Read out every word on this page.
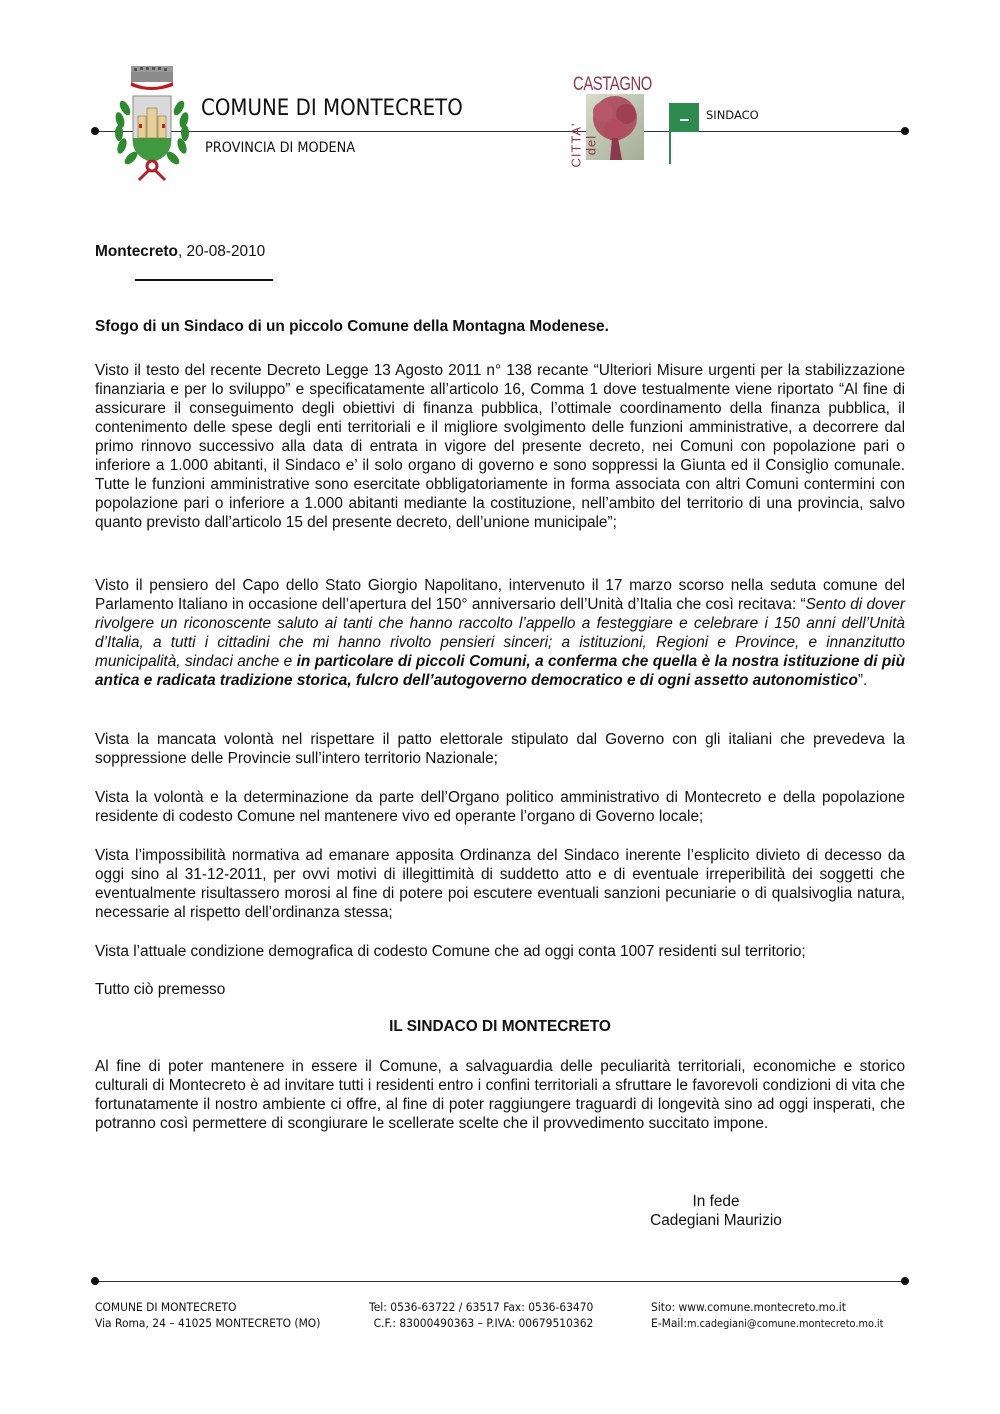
COMUNE DI MONTECRETO
PROVINCIA DI MODENA
CASTAGNO
CITTA' del
SINDACO
Montecreto, 20-08-2010
Sfogo di un Sindaco di un piccolo Comune della Montagna Modenese.
Visto il testo del recente Decreto Legge 13 Agosto 2011 n° 138 recante “Ulteriori Misure urgenti per la stabilizzazione finanziaria e per lo sviluppo” e specificatamente all’articolo 16, Comma 1 dove testualmente viene riportato “Al fine di assicurare il conseguimento degli obiettivi di finanza pubblica, l’ottimale coordinamento della finanza pubblica, il contenimento delle spese degli enti territoriali e il migliore svolgimento delle funzioni amministrative, a decorrere dal primo rinnovo successivo alla data di entrata in vigore del presente decreto, nei Comuni con popolazione pari o inferiore a 1.000 abitanti, il Sindaco e’ il solo organo di governo e sono soppressi la Giunta ed il Consiglio comunale. Tutte le funzioni amministrative sono esercitate obbligatoriamente in forma associata con altri Comuni contermini con popolazione pari o inferiore a 1.000 abitanti mediante la costituzione, nell’ambito del territorio di una provincia, salvo quanto previsto dall’articolo 15 del presente decreto, dell’unione municipale”;
Visto il pensiero del Capo dello Stato Giorgio Napolitano, intervenuto il 17 marzo scorso nella seduta comune del Parlamento Italiano in occasione dell’apertura del 150° anniversario dell’Unità d’Italia che così recitava: “Sento di dover rivolgere un riconoscente saluto ai tanti che hanno raccolto l’appello a festeggiare e celebrare i 150 anni dell’Unità d’Italia, a tutti i cittadini che mi hanno rivolto pensieri sinceri; a istituzioni, Regioni e Province, e innanzitutto municipalità, sindaci anche e in particolare di piccoli Comuni, a conferma che quella è la nostra istituzione di più antica e radicata tradizione storica, fulcro dell’autogoverno democratico e di ogni assetto autonomistico”.
Vista la mancata volontà nel rispettare il patto elettorale stipulato dal Governo con gli italiani che prevedeva la soppressione delle Provincie sull’intero territorio Nazionale;
Vista la volontà e la determinazione da parte dell’Organo politico amministrativo di Montecreto e della popolazione residente di codesto Comune nel mantenere vivo ed operante l’organo di Governo locale;
Vista l’impossibilità normativa ad emanare apposita Ordinanza del Sindaco inerente l’esplicito divieto di decesso da oggi sino al 31-12-2011, per ovvi motivi di illegittimità di suddetto atto e di eventuale irreperibilità dei soggetti che eventualmente risultassero morosi al fine di potere poi escutere eventuali sanzioni pecuniarie o di qualsivoglia natura, necessarie al rispetto dell’ordinanza stessa;
Vista l’attuale condizione demografica di codesto Comune che ad oggi conta 1007 residenti sul territorio;
Tutto ciò premesso
IL SINDACO DI MONTECRETO
Al fine di poter mantenere in essere il Comune, a salvaguardia delle peculiarità territoriali, economiche e storico culturali di Montecreto è ad invitare tutti i residenti entro i confini territoriali a sfruttare le favorevoli condizioni di vita che fortunatamente il nostro ambiente ci offre, al fine di poter raggiungere traguardi di longevità sino ad oggi insperati, che potranno così permettere di scongiurare le scellerate scelte che il provvedimento succitato impone.
In fede
Cadegiani Maurizio
COMUNE DI MONTECRETO
Via Roma, 24 – 41025 MONTECRETO (MO)
Tel: 0536-63722 / 63517 Fax: 0536-63470
C.F.: 83000490363 – P.IVA: 00679510362
Sito: www.comune.montecreto.mo.it
E-Mail:m.cadegiani@comune.montecreto.mo.it
